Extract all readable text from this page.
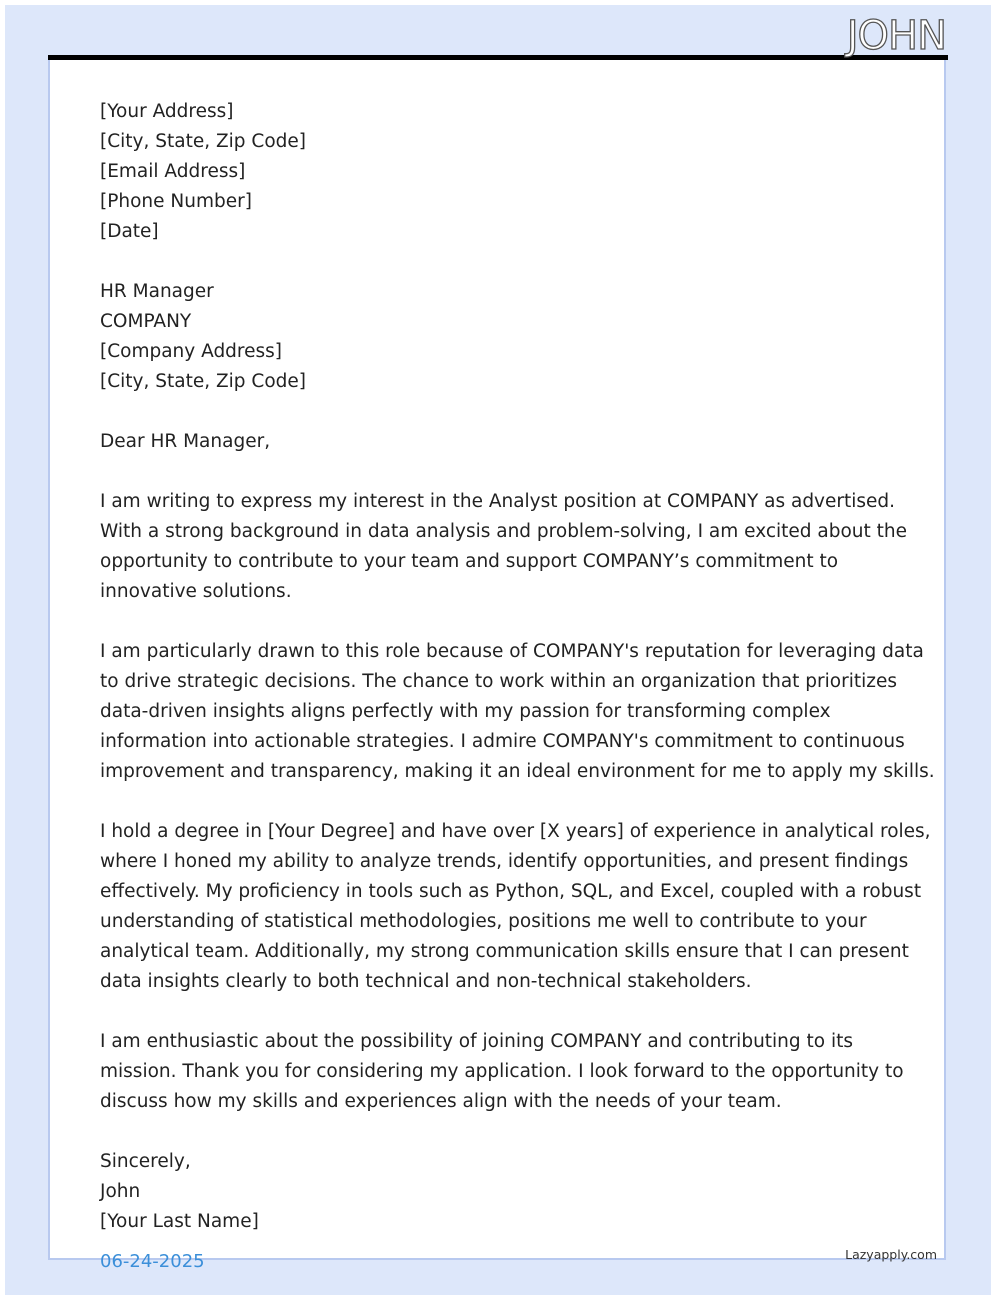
JOHN
[Your Address]
[City, State, Zip Code]
[Email Address]
[Phone Number]
[Date]
HR Manager
COMPANY
[Company Address]
[City, State, Zip Code]
Dear HR Manager,
I am writing to express my interest in the Analyst position at COMPANY as advertised.
With a strong background in data analysis and problem-solving, I am excited about the
opportunity to contribute to your team and support COMPANY’s commitment to
innovative solutions.
I am particularly drawn to this role because of COMPANY's reputation for leveraging data
to drive strategic decisions. The chance to work within an organization that prioritizes
data-driven insights aligns perfectly with my passion for transforming complex
information into actionable strategies. I admire COMPANY's commitment to continuous
improvement and transparency, making it an ideal environment for me to apply my skills.
I hold a degree in [Your Degree] and have over [X years] of experience in analytical roles,
where I honed my ability to analyze trends, identify opportunities, and present findings
effectively. My proficiency in tools such as Python, SQL, and Excel, coupled with a robust
understanding of statistical methodologies, positions me well to contribute to your
analytical team. Additionally, my strong communication skills ensure that I can present
data insights clearly to both technical and non-technical stakeholders.
I am enthusiastic about the possibility of joining COMPANY and contributing to its
mission. Thank you for considering my application. I look forward to the opportunity to
discuss how my skills and experiences align with the needs of your team.
Sincerely,
John
[Your Last Name]
06-24-2025	Lazyapply.com
